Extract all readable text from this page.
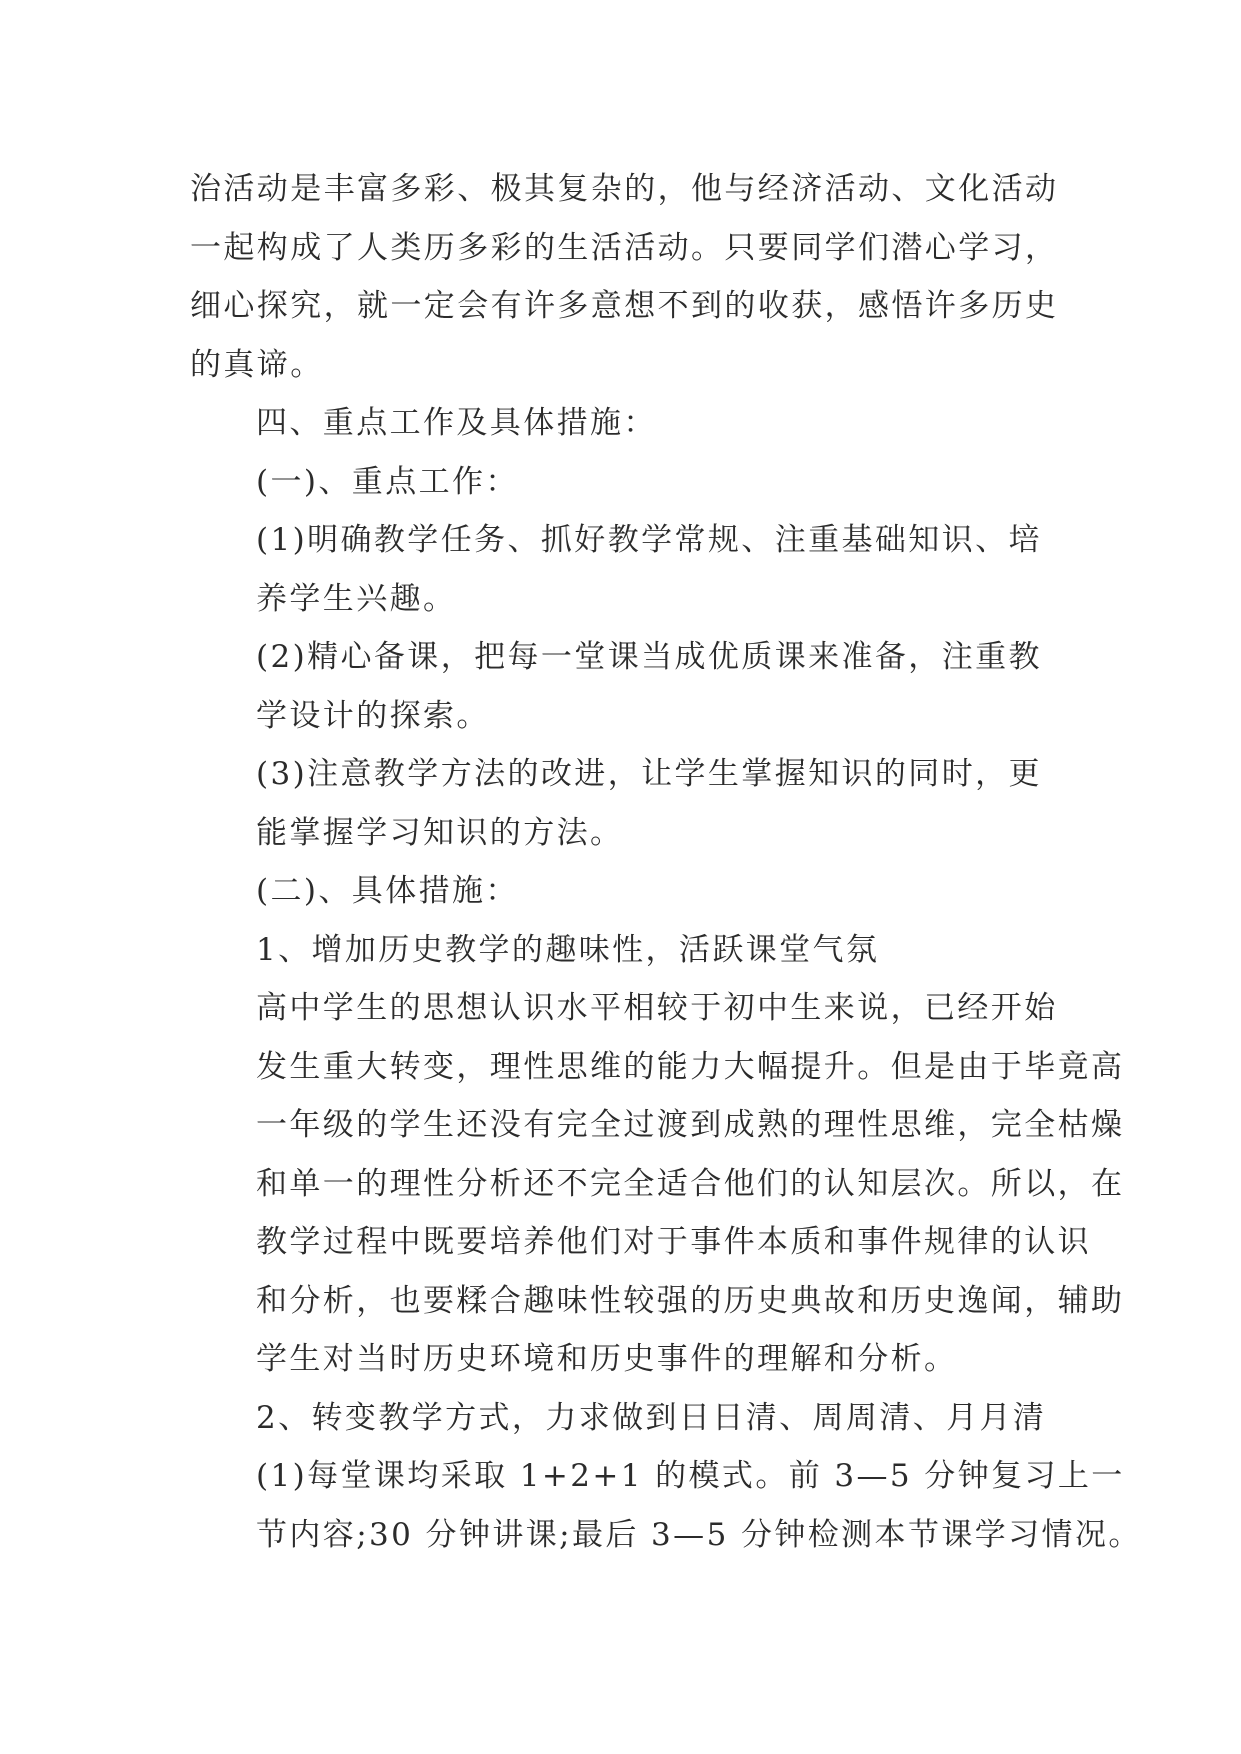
治活动是丰富多彩、极其复杂的，他与经济活动、文化活动
一起构成了人类历多彩的生活活动。只要同学们潜心学习，
细心探究，就一定会有许多意想不到的收获，感悟许多历史
的真谛。
四、重点工作及具体措施：
(一)、重点工作：
(1)明确教学任务、抓好教学常规、注重基础知识、培
养学生兴趣。
(2)精心备课，把每一堂课当成优质课来准备，注重教
学设计的探索。
(3)注意教学方法的改进，让学生掌握知识的同时，更
能掌握学习知识的方法。
(二)、具体措施：
1、增加历史教学的趣味性，活跃课堂气氛
高中学生的思想认识水平相较于初中生来说，已经开始
发生重大转变，理性思维的能力大幅提升。但是由于毕竟高
一年级的学生还没有完全过渡到成熟的理性思维，完全枯燥
和单一的理性分析还不完全适合他们的认知层次。所以，在
教学过程中既要培养他们对于事件本质和事件规律的认识
和分析，也要糅合趣味性较强的历史典故和历史逸闻，辅助
学生对当时历史环境和历史事件的理解和分析。
2、转变教学方式，力求做到日日清、周周清、月月清
(1)每堂课均采取 1+2+1 的模式。前 3—5 分钟复习上一
节内容;30 分钟讲课;最后 3—5 分钟检测本节课学习情况。
